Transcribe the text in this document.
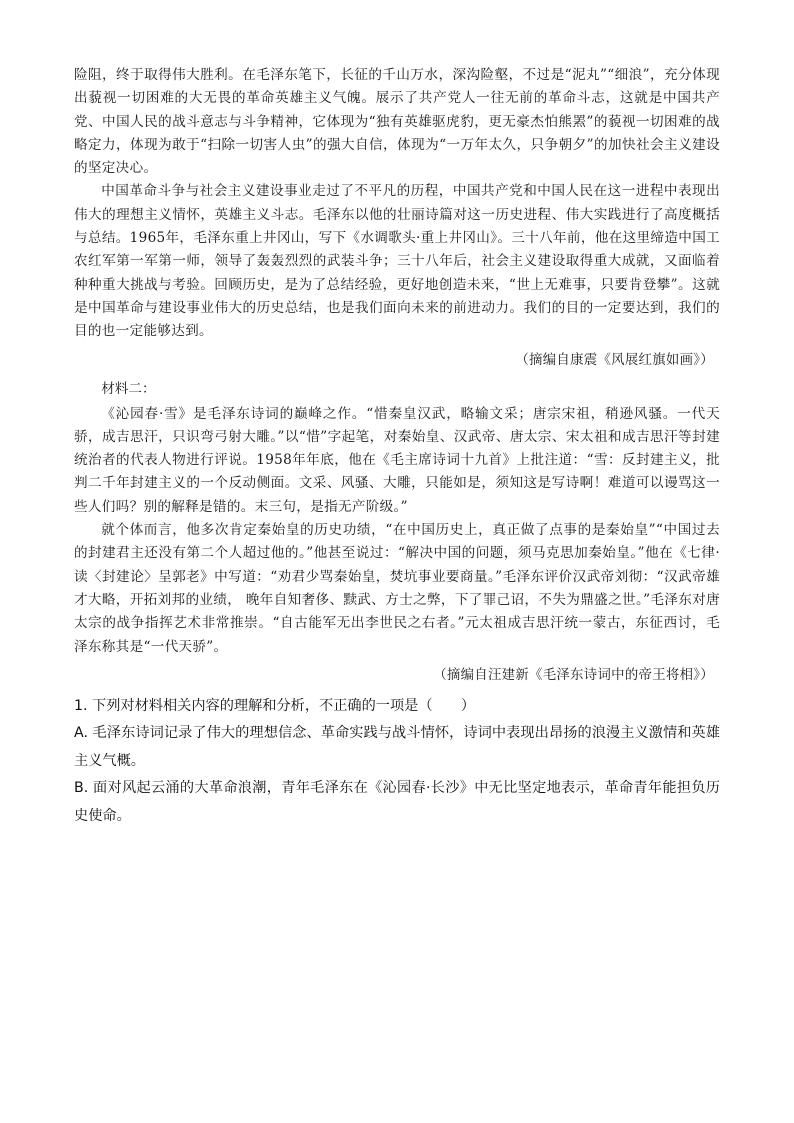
险阻，终于取得伟大胜利。在毛泽东笔下，长征的千山万水，深沟险壑，不过是“泥丸”“细浪”，充分体现出藐视一切困难的大无畏的革命英雄主义气魄。展示了共产党人一往无前的革命斗志，这就是中国共产党、中国人民的战斗意志与斗争精神，它体现为“独有英雄驱虎豹，更无豪杰怕熊罴”的藐视一切困难的战略定力，体现为敢于“扫除一切害人虫”的强大自信，体现为“一万年太久，只争朝夕”的加快社会主义建设的坚定决心。

中国革命斗争与社会主义建设事业走过了不平凡的历程，中国共产党和中国人民在这一进程中表现出伟大的理想主义情怀，英雄主义斗志。毛泽东以他的壮丽诗篇对这一历史进程、伟大实践进行了高度概括与总结。1965年，毛泽东重上井冈山，写下《水调歌头·重上井冈山》。三十八年前，他在这里缔造中国工农红军第一军第一师，领导了轰轰烈烈的武装斗争；三十八年后，社会主义建设取得重大成就，又面临着种种重大挑战与考验。回顾历史，是为了总结经验，更好地创造未来，“世上无难事，只要肯登攀”。这就是中国革命与建设事业伟大的历史总结，也是我们面向未来的前进动力。我们的目的一定要达到，我们的目的也一定能够达到。

（摘编自康震《风展红旗如画》）

材料二：

《沁园春·雪》是毛泽东诗词的巅峰之作。“惜秦皇汉武，略输文采；唐宗宋祖，稍逊风骚。一代天骄，成吉思汗，只识弯弓射大雕。”以“惜”字起笔，对秦始皇、汉武帝、唐太宗、宋太祖和成吉思汗等封建统治者的代表人物进行评说。1958年年底，他在《毛主席诗词十九首》上批注道：“雪：反封建主义，批判二千年封建主义的一个反动侧面。文采、风骚、大雕，只能如是，须知这是写诗啊！难道可以谩骂这一些人们吗？别的解释是错的。末三句，是指无产阶级。”

就个体而言，他多次肯定秦始皇的历史功绩，“在中国历史上，真正做了点事的是秦始皇”“中国过去的封建君主还没有第二个人超过他的。”他甚至说过：“解决中国的问题，须马克思加秦始皇。”他在《七律·读〈封建论〉呈郭老》中写道：“劝君少骂秦始皇，焚坑事业要商量。”毛泽东评价汉武帝刘彻：“汉武帝雄才大略，开拓刘邦的业绩， 晚年自知奢侈、黩武、方士之弊，下了罪己诏，不失为鼎盛之世。”毛泽东对唐太宗的战争指挥艺术非常推崇。“自古能军无出李世民之右者。”元太祖成吉思汗统一蒙古，东征西讨，毛泽东称其是“一代天骄”。

（摘编自汪建新《毛泽东诗词中的帝王将相》）

1. 下列对材料相关内容的理解和分析，不正确的一项是（　　）

A. 毛泽东诗词记录了伟大的理想信念、革命实践与战斗情怀，诗词中表现出昂扬的浪漫主义激情和英雄主义气概。

B. 面对风起云涌的大革命浪潮，青年毛泽东在《沁园春·长沙》中无比坚定地表示，革命青年能担负历史使命。
